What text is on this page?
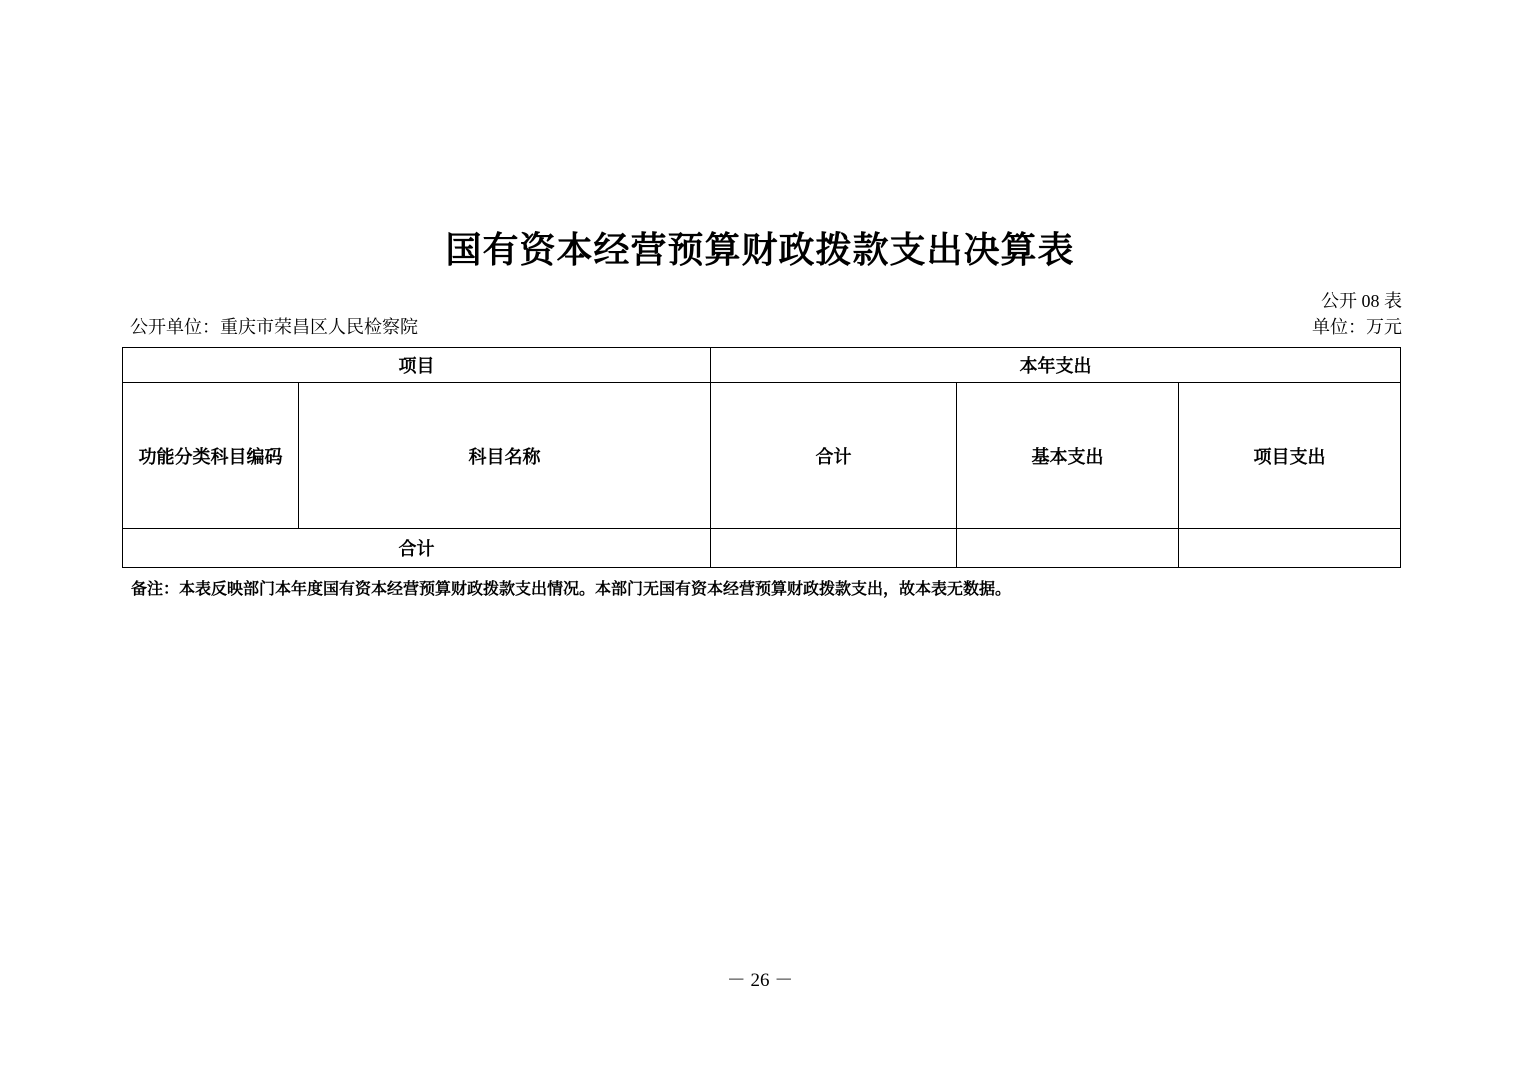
国有资本经营预算财政拨款支出决算表
公开 08 表
公开单位：重庆市荣昌区人民检察院	单位：万元
项目		本年支出		
功能分类科目编码	科目名称	合计	基本支出	项目支出
合计				
备注：本表反映部门本年度国有资本经营预算财政拨款支出情况。本部门无国有资本经营预算财政拨款支出，故本表无数据。
－ 26 －
